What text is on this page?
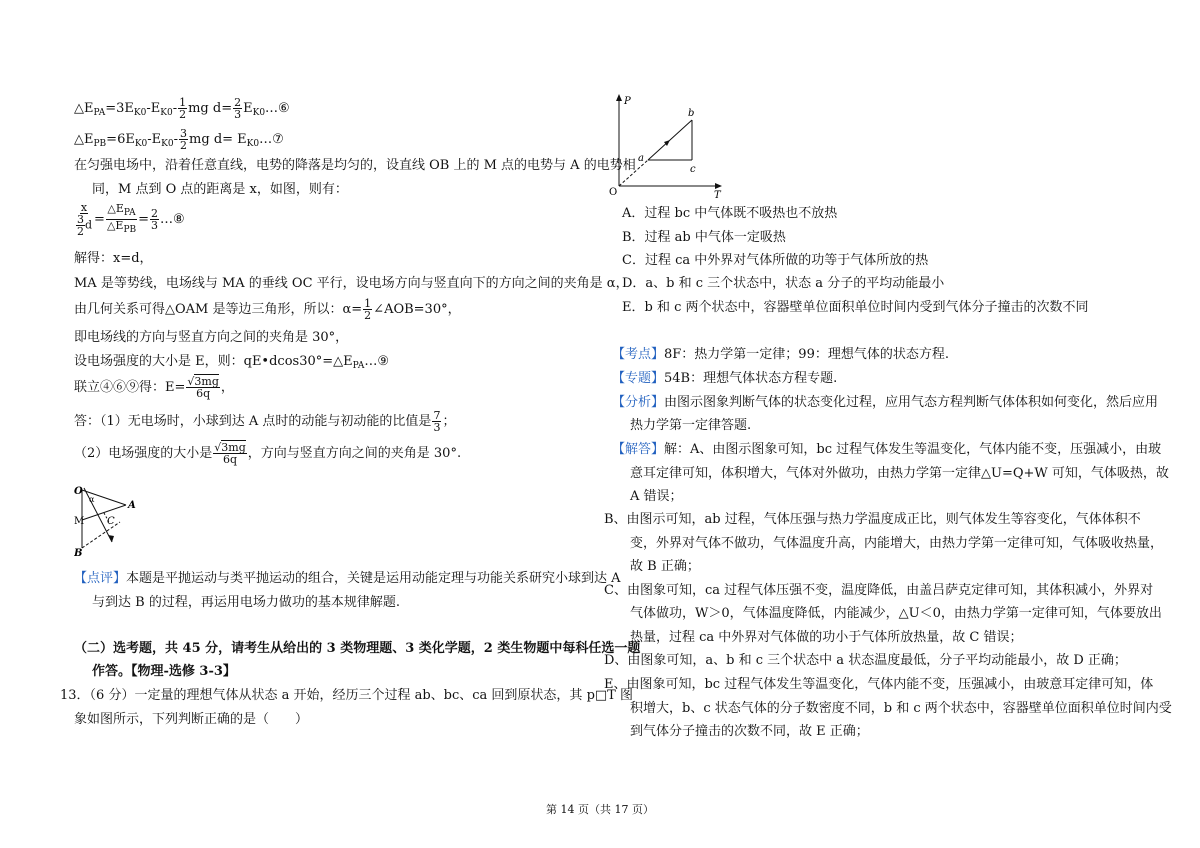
$\triangle E_{PA}=3E_{K0}-E_{K0}- \frac{1}{2}$ mg $d= \frac{2}{3}$ $E_{K0}\dots ⑥$
$\triangle E_{PB}=6E_{K0}-E_{K0}- \frac{3}{2}$ mg $d= E_{K0}\dots ⑦$
在匀强电场中，沿着任意直线，电势的降落是均匀的，设直线 OB 上的 M 点的电势与 A 的电势相
同，M 点到 O 点的距离是 x，如图，则有：
$\frac{x}{\frac{3}{2} d} = \frac{\triangle E_{PA}}{\triangle E_{PB}} = \frac{2}{3}$ …⑧
解得：x=d，
MA 是等势线，电场线与 MA 的垂线 OC 平行，设电场方向与竖直向下的方向之间的夹角是 α，
由几何关系可得△OAM 是等边三角形，所以：$\alpha= \frac{1}{2}$ ∠AOB=30°，
即电场线的方向与竖直方向之间的夹角是 30°，
设电场强度的大小是 E，则：$qE•dcos30^\circ=\triangle E_{PA}\dots ⑨$
联立④⑥⑨得：$E= \frac{√3mg}{6q}$ ，
答：（1）无电场时，小球到达 A 点时的动能与初动能的比值是 $\frac{7}{3}$ ；
（2）电场强度的大小是 $\frac{√3mg}{6q}$ ，方向与竖直方向之间的夹角是 30°.
O
α
A
M C
B
【点评】本题是平抛运动与类平抛运动的组合，关键是运用动能定理与功能关系研究小球到达 A
与到达 B 的过程，再运用电场力做功的基本规律解题.
（二）选考题，共 45 分，请考生从给出的 3 类物理题、3 类化学题，2 类生物题中每科任选一题
作答。【物理-选修 3-3】
13．（6 分）一定量的理想气体从状态 a 开始，经历三个过程 ab、bc、ca 回到原状态，其 p□T 图
象如图所示，下列判断正确的是（　　）
P
T
O
a
b
c
A．过程 bc 中气体既不吸热也不放热
B．过程 ab 中气体一定吸热
C．过程 ca 中外界对气体所做的功等于气体所放的热
D．a、b 和 c 三个状态中，状态 a 分子的平均动能最小
E．b 和 c 两个状态中，容器壁单位面积单位时间内受到气体分子撞击的次数不同
【考点】8F：热力学第一定律；99：理想气体的状态方程.
【专题】54B：理想气体状态方程专题.
【分析】由图示图象判断气体的状态变化过程，应用气态方程判断气体体积如何变化，然后应用
热力学第一定律答题.
【解答】解：A、由图示图象可知，bc 过程气体发生等温变化，气体内能不变，压强减小，由玻
意耳定律可知，体积增大，气体对外做功，由热力学第一定律△U=Q+W 可知，气体吸热，故
A 错误；
B、由图示可知，ab 过程，气体压强与热力学温度成正比，则气体发生等容变化，气体体积不
变，外界对气体不做功，气体温度升高，内能增大，由热力学第一定律可知，气体吸收热量，
故 B 正确；
C、由图象可知，ca 过程气体压强不变，温度降低，由盖吕萨克定律可知，其体积减小，外界对
气体做功，W＞0，气体温度降低，内能减少，△U＜0，由热力学第一定律可知，气体要放出
热量，过程 ca 中外界对气体做的功小于气体所放热量，故 C 错误；
D、由图象可知，a、b 和 c 三个状态中 a 状态温度最低，分子平均动能最小，故 D 正确；
E、由图象可知，bc 过程气体发生等温变化，气体内能不变，压强减小，由玻意耳定律可知，体
积增大，b、c 状态气体的分子数密度不同，b 和 c 两个状态中，容器壁单位面积单位时间内受
到气体分子撞击的次数不同，故 E 正确；
第 14 页（共 17 页）
